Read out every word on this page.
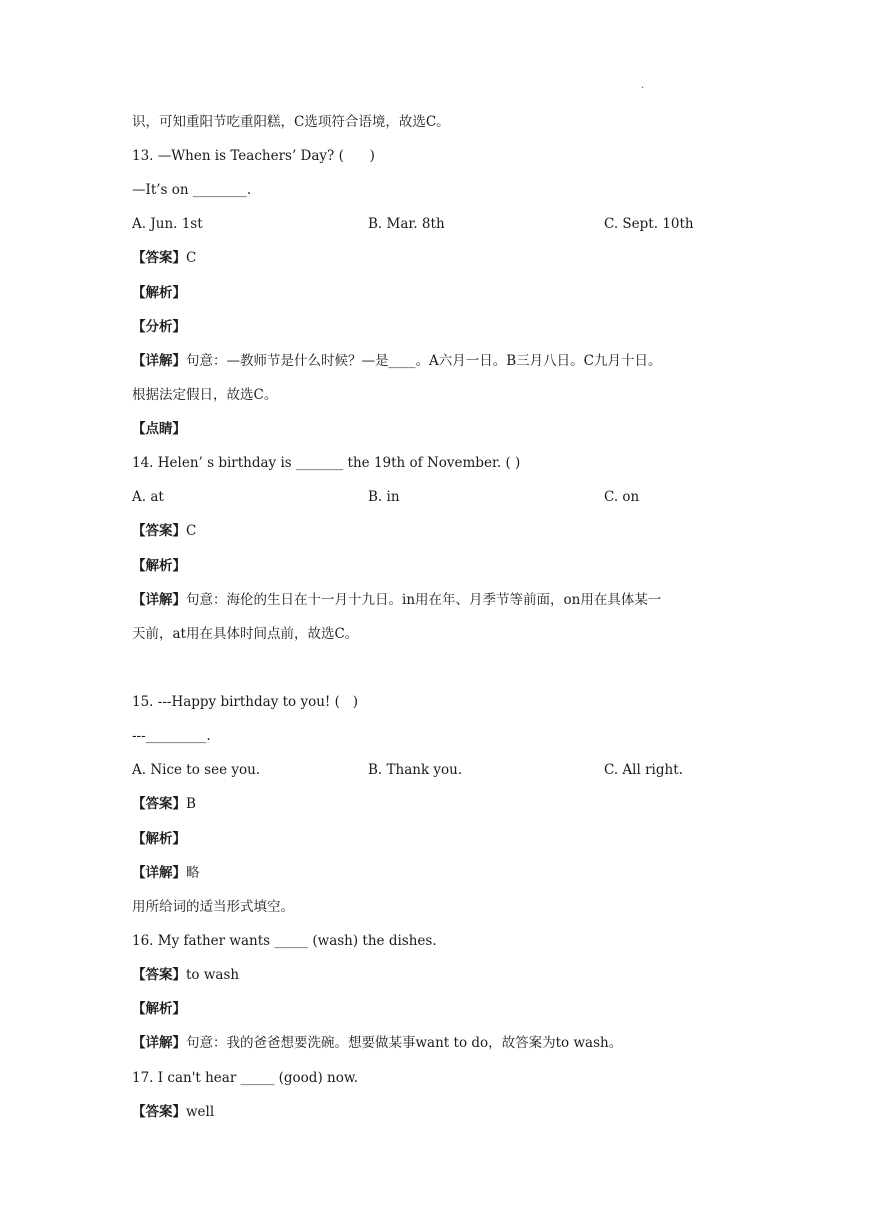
.
识，可知重阳节吃重阳糕，C选项符合语境，故选C。
13. —When is Teachers’ Day? (      )
—It’s on ________.
A. Jun. 1st	B. Mar. 8th	C. Sept. 10th
【答案】C
【解析】
【分析】
【详解】句意：—教师节是什么时候？—是____。A六月一日。B三月八日。C九月十日。
根据法定假日，故选C。
【点睛】
14. Helen’ s birthday is _______ the 19th of November. ( )
A. at	B. in	C. on
【答案】C
【解析】
【详解】句意：海伦的生日在十一月十九日。in用在年、月季节等前面，on用在具体某一
天前，at用在具体时间点前，故选C。
15. ---Happy birthday to you! (   )
---_________.
A. Nice to see you.	B. Thank you.	C. All right.
【答案】B
【解析】
【详解】略
用所给词的适当形式填空。
16. My father wants _____ (wash) the dishes.
【答案】to wash
【解析】
【详解】句意：我的爸爸想要洗碗。想要做某事want to do，故答案为to wash。
17. I can't hear _____ (good) now.
【答案】well
